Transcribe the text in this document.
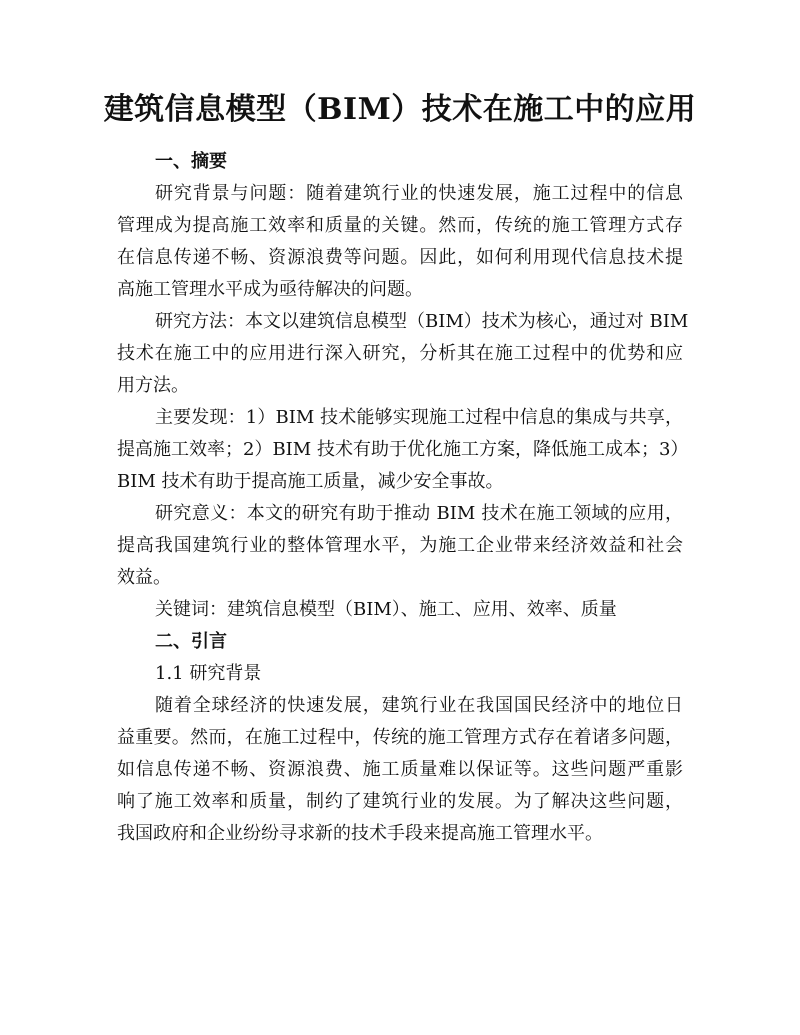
建筑信息模型（BIM）技术在施工中的应用
一、摘要
研究背景与问题：随着建筑行业的快速发展，施工过程中的信息
管理成为提高施工效率和质量的关键。然而，传统的施工管理方式存
在信息传递不畅、资源浪费等问题。因此，如何利用现代信息技术提
高施工管理水平成为亟待解决的问题。
研究方法：本文以建筑信息模型（BIM）技术为核心，通过对 BIM
技术在施工中的应用进行深入研究，分析其在施工过程中的优势和应
用方法。
主要发现：1）BIM 技术能够实现施工过程中信息的集成与共享，
提高施工效率；2）BIM 技术有助于优化施工方案，降低施工成本；3）
BIM 技术有助于提高施工质量，减少安全事故。
研究意义：本文的研究有助于推动 BIM 技术在施工领域的应用，
提高我国建筑行业的整体管理水平，为施工企业带来经济效益和社会
效益。
关键词：建筑信息模型（BIM）、施工、应用、效率、质量
二、引言
1.1 研究背景
随着全球经济的快速发展，建筑行业在我国国民经济中的地位日
益重要。然而，在施工过程中，传统的施工管理方式存在着诸多问题，
如信息传递不畅、资源浪费、施工质量难以保证等。这些问题严重影
响了施工效率和质量，制约了建筑行业的发展。为了解决这些问题，
我国政府和企业纷纷寻求新的技术手段来提高施工管理水平。
